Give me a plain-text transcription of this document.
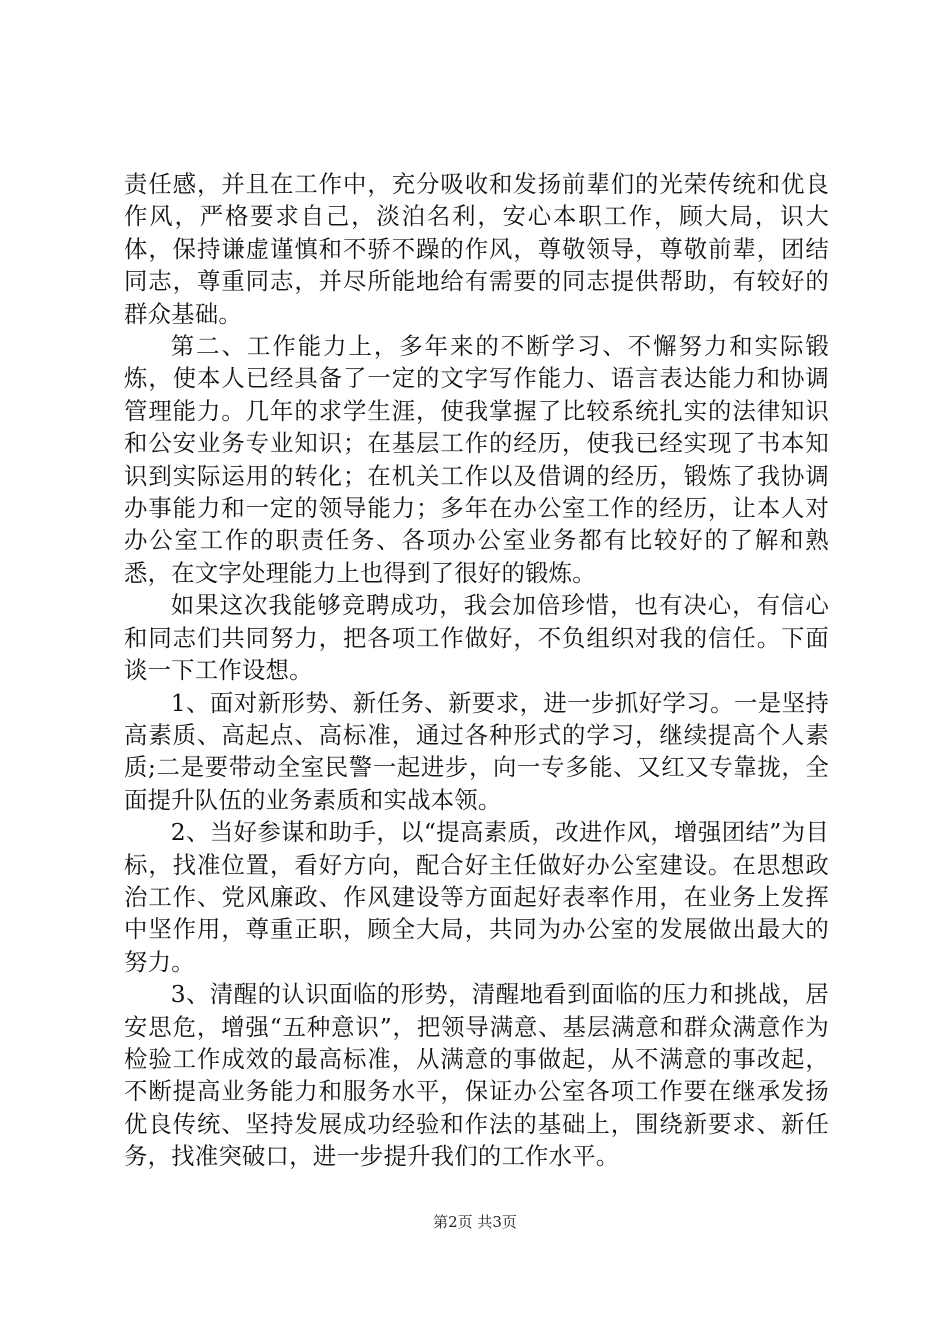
责任感，并且在工作中，充分吸收和发扬前辈们的光荣传统和优良作风，严格要求自己，淡泊名利，安心本职工作，顾大局，识大体，保持谦虚谨慎和不骄不躁的作风，尊敬领导，尊敬前辈，团结同志，尊重同志，并尽所能地给有需要的同志提供帮助，有较好的群众基础。

第二、工作能力上，多年来的不断学习、不懈努力和实际锻炼，使本人已经具备了一定的文字写作能力、语言表达能力和协调管理能力。几年的求学生涯，使我掌握了比较系统扎实的法律知识和公安业务专业知识；在基层工作的经历，使我已经实现了书本知识到实际运用的转化；在机关工作以及借调的经历，锻炼了我协调办事能力和一定的领导能力；多年在办公室工作的经历，让本人对办公室工作的职责任务、各项办公室业务都有比较好的了解和熟悉，在文字处理能力上也得到了很好的锻炼。

如果这次我能够竞聘成功，我会加倍珍惜，也有决心，有信心和同志们共同努力，把各项工作做好，不负组织对我的信任。下面谈一下工作设想。

1、面对新形势、新任务、新要求，进一步抓好学习。一是坚持高素质、高起点、高标准，通过各种形式的学习，继续提高个人素质;二是要带动全室民警一起进步，向一专多能、又红又专靠拢，全面提升队伍的业务素质和实战本领。

2、当好参谋和助手，以“提高素质，改进作风，增强团结”为目标，找准位置，看好方向，配合好主任做好办公室建设。在思想政治工作、党风廉政、作风建设等方面起好表率作用，在业务上发挥中坚作用，尊重正职，顾全大局，共同为办公室的发展做出最大的努力。

3、清醒的认识面临的形势，清醒地看到面临的压力和挑战，居安思危，增强“五种意识”，把领导满意、基层满意和群众满意作为检验工作成效的最高标准，从满意的事做起，从不满意的事改起，不断提高业务能力和服务水平，保证办公室各项工作要在继承发扬优良传统、坚持发展成功经验和作法的基础上，围绕新要求、新任务，找准突破口，进一步提升我们的工作水平。

第2页 共3页
